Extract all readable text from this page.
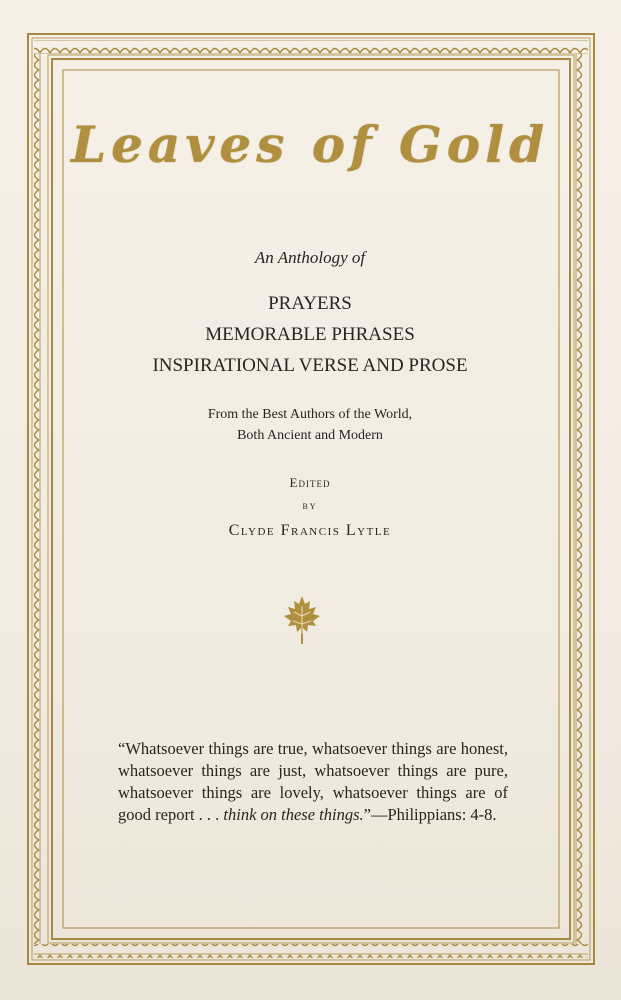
Leaves of Gold
An Anthology of
PRAYERS
MEMORABLE PHRASES
INSPIRATIONAL VERSE AND PROSE
From the Best Authors of the World,
Both Ancient and Modern
Edited
by
Clyde Francis Lytle
“Whatsoever things are true, whatsoever things are honest, whatsoever things are just, whatsoever things are pure, whatsoever things are lovely, whatsoever things are of good report . . . think on these things.”—Philippians: 4-8.
